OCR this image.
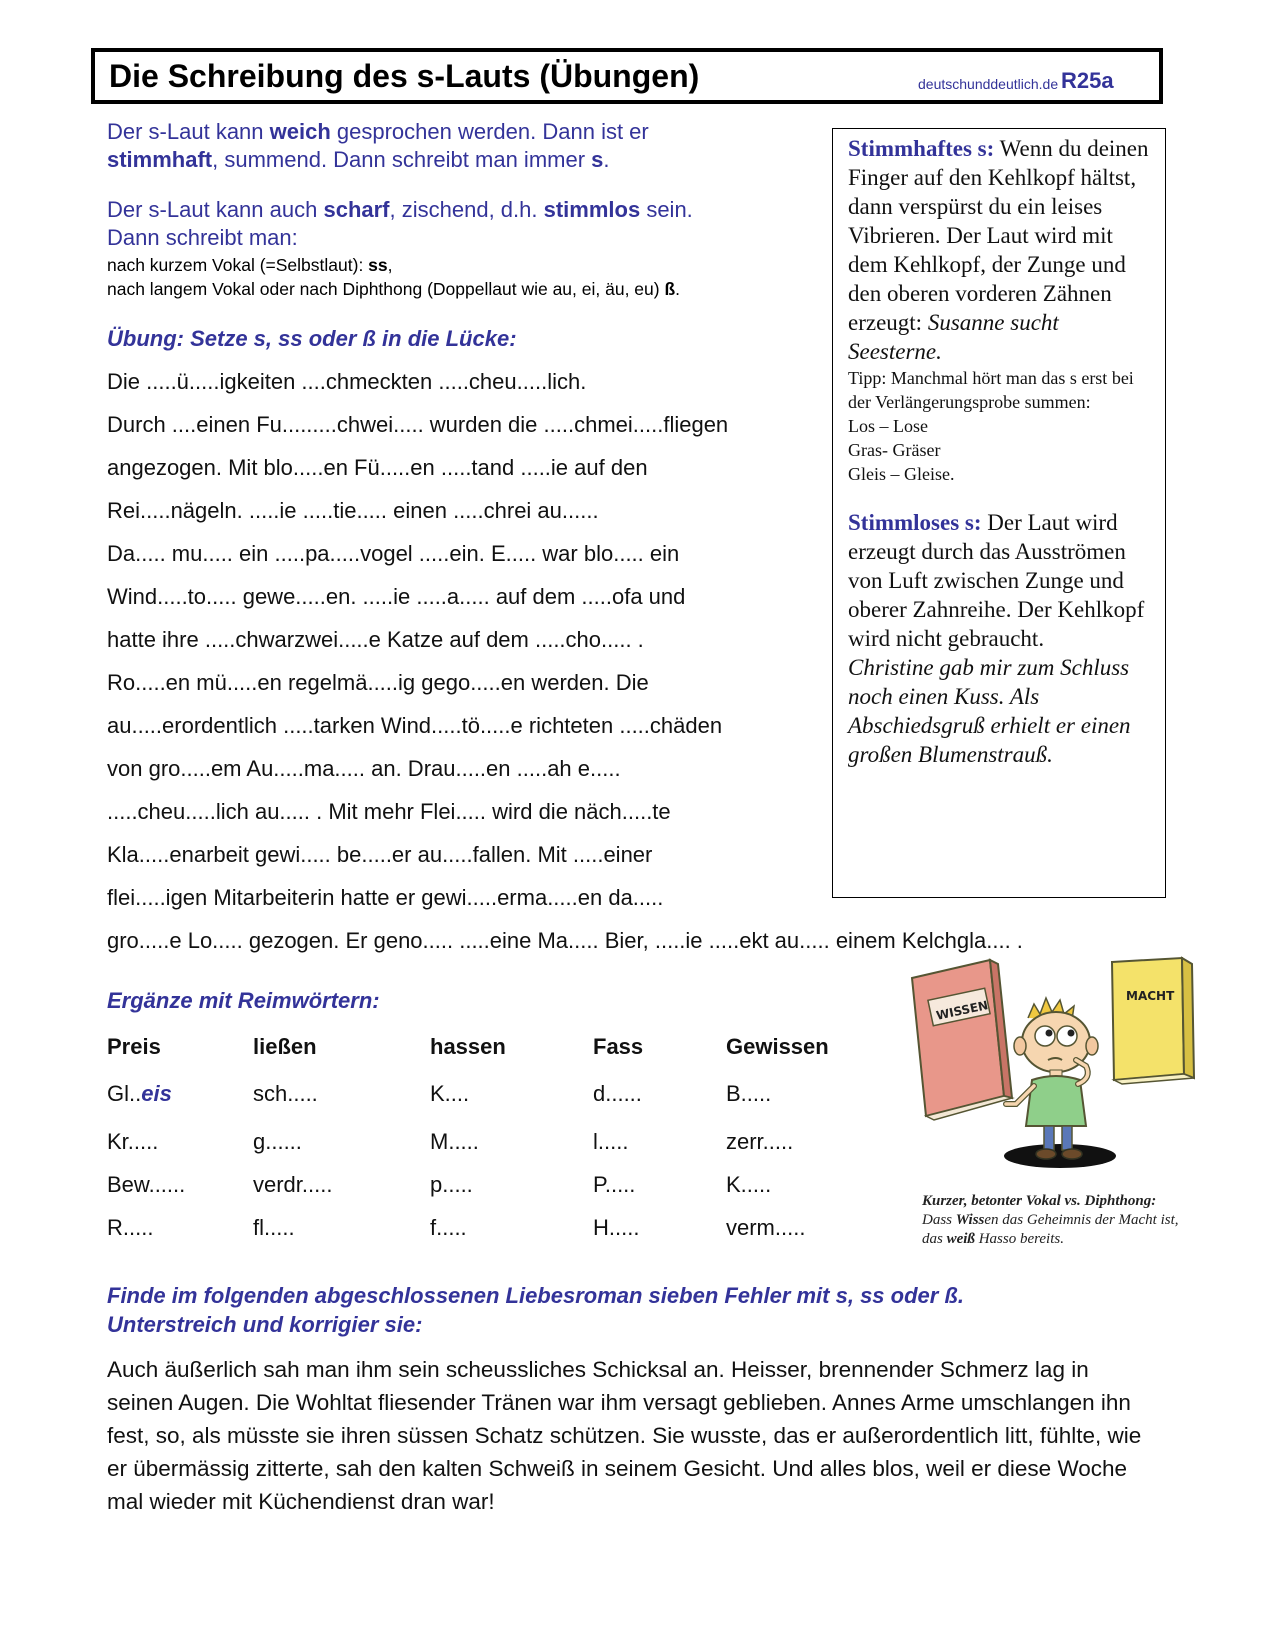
Die Schreibung des s-Lauts (Übungen)	deutschunddeutlich.de R25a
Der s-Laut kann weich gesprochen werden. Dann ist er
stimmhaft, summend. Dann schreibt man immer s.
Der s-Laut kann auch scharf, zischend, d.h. stimmlos sein.
Dann schreibt man:
nach kurzem Vokal (=Selbstlaut): ss,
nach langem Vokal oder nach Diphthong (Doppellaut wie au, ei, äu, eu) ß.
Übung: Setze s, ss oder ß in die Lücke:
Die .....ü.....igkeiten ....chmeckten .....cheu.....lich.
Durch ....einen Fu.........chwei..... wurden die .....chmei.....fliegen
angezogen. Mit blo.....en Fü.....en .....tand .....ie auf den
Rei.....nägeln. .....ie .....tie..... einen .....chrei au......
Da..... mu..... ein .....pa.....vogel .....ein. E..... war blo..... ein
Wind.....to..... gewe.....en. .....ie .....a..... auf dem .....ofa und
hatte ihre .....chwarzwei.....e Katze auf dem .....cho..... .
Ro.....en mü.....en regelmä.....ig gego.....en werden. Die
au.....erordentlich .....tarken Wind.....tö.....e richteten .....chäden
von gro.....em Au.....ma..... an. Drau.....en .....ah e.....
.....cheu.....lich au..... . Mit mehr Flei..... wird die näch.....te
Kla.....enarbeit gewi..... be.....er au.....fallen. Mit .....einer
flei.....igen Mitarbeiterin hatte er gewi.....erma.....en da.....
gro.....e Lo..... gezogen. Er geno..... .....eine Ma..... Bier, .....ie .....ekt au..... einem Kelchgla.... .

Stimmhaftes s: Wenn du deinen Finger auf den Kehlkopf hältst, dann verspürst du ein leises Vibrieren. Der Laut wird mit dem Kehlkopf, der Zunge und den oberen vorderen Zähnen erzeugt: Susanne sucht Seesterne.

Tipp: Manchmal hört man das s erst bei der Verlängerungsprobe summen:

Los – Lose

Gras- Gräser

Gleis – Gleise.

Stimmloses s: Der Laut wird erzeugt durch das Ausströmen von Luft zwischen Zunge und oberer Zahnreihe. Der Kehlkopf wird nicht gebraucht.
Christine gab mir zum Schluss noch einen Kuss. Als Abschiedsgruß erhielt er einen großen Blumenstrauß.

Ergänze mit Reimwörtern:
Preis	ließen	hassen	Fass	Gewissen
Gl..eis	sch.....	K....	d......	B.....
Kr.....	g......	M.....	l.....	zerr.....
Bew......	verdr.....	p.....	P.....	K.....
R.....	fl.....	f.....	H.....	verm.....
WISSEN
MACHT
Kurzer, betonter Vokal vs. Diphthong:
Dass Wissen das Geheimnis der Macht ist, das weiß Hasso bereits.
Finde im folgenden abgeschlossenen Liebesroman sieben Fehler mit s, ss oder ß.
Unterstreich und korrigier sie:
Auch äußerlich sah man ihm sein scheussliches Schicksal an. Heisser, brennender Schmerz lag in seinen Augen. Die Wohltat fliesender Tränen war ihm versagt geblieben. Annes Arme umschlangen ihn fest, so, als müsste sie ihren süssen Schatz schützen. Sie wusste, das er außerordentlich litt, fühlte, wie er übermässig zitterte, sah den kalten Schweiß in seinem Gesicht. Und alles blos, weil er diese Woche mal wieder mit Küchendienst dran war!
